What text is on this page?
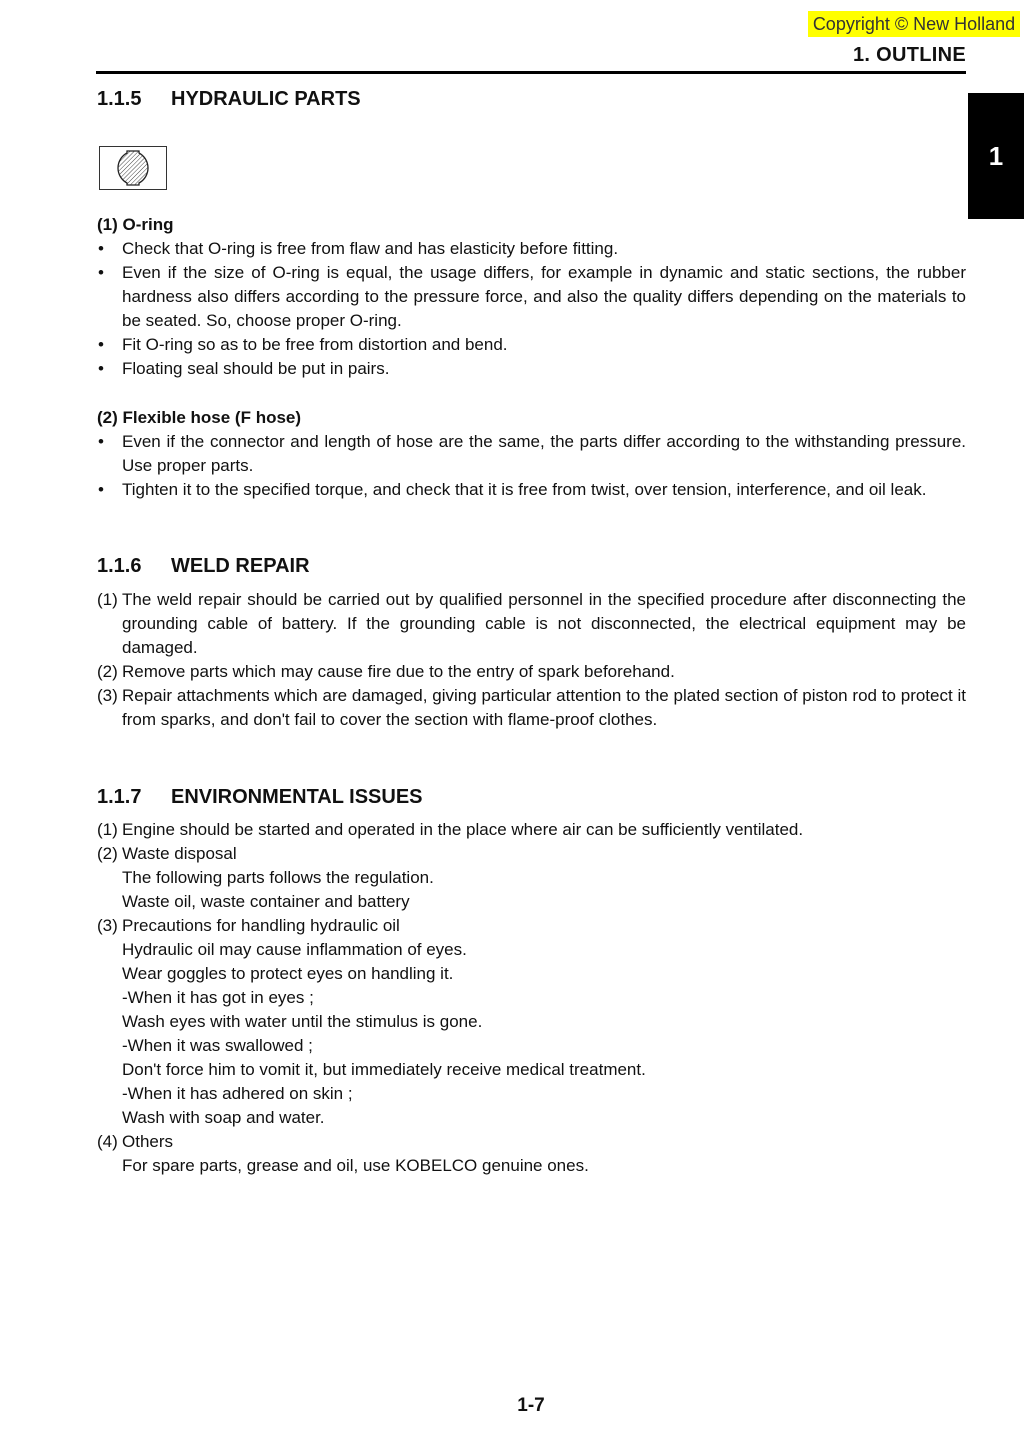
Copyright © New Holland
1. OUTLINE
1
1.1.5 HYDRAULIC PARTS
(1) O-ring
• Check that O-ring is free from flaw and has elasticity before fitting.

• Even if the size of O-ring is equal, the usage differs, for example in dynamic and static sections, the rubber hardness also differs according to the pressure force, and also the quality differs depending on the materials to be seated. So, choose proper O-ring.

• Fit O-ring so as to be free from distortion and bend.

• Floating seal should be put in pairs.

(2) Flexible hose (F hose)
• Even if the connector and length of hose are the same, the parts differ according to the withstanding pressure. Use proper parts.

• Tighten it to the specified torque, and check that it is free from twist, over tension, interference, and oil leak.

1.1.6 WELD REPAIR
(1) The weld repair should be carried out by qualified personnel in the specified procedure after disconnecting the grounding cable of battery. If the grounding cable is not disconnected, the electrical equipment may be damaged.

(2) Remove parts which may cause fire due to the entry of spark beforehand.

(3) Repair attachments which are damaged, giving particular attention to the plated section of piston rod to protect it from sparks, and don't fail to cover the section with flame-proof clothes.

1.1.7 ENVIRONMENTAL ISSUES
(1) Engine should be started and operated in the place where air can be sufficiently ventilated.

(2) Waste disposal

The following parts follows the regulation.

Waste oil, waste container and battery

(3) Precautions for handling hydraulic oil

Hydraulic oil may cause inflammation of eyes.

Wear goggles to protect eyes on handling it.

-When it has got in eyes ;

Wash eyes with water until the stimulus is gone.

-When it was swallowed ;

Don't force him to vomit it, but immediately receive medical treatment.

-When it has adhered on skin ;

Wash with soap and water.

(4) Others

For spare parts, grease and oil, use KOBELCO genuine ones.

1-7
